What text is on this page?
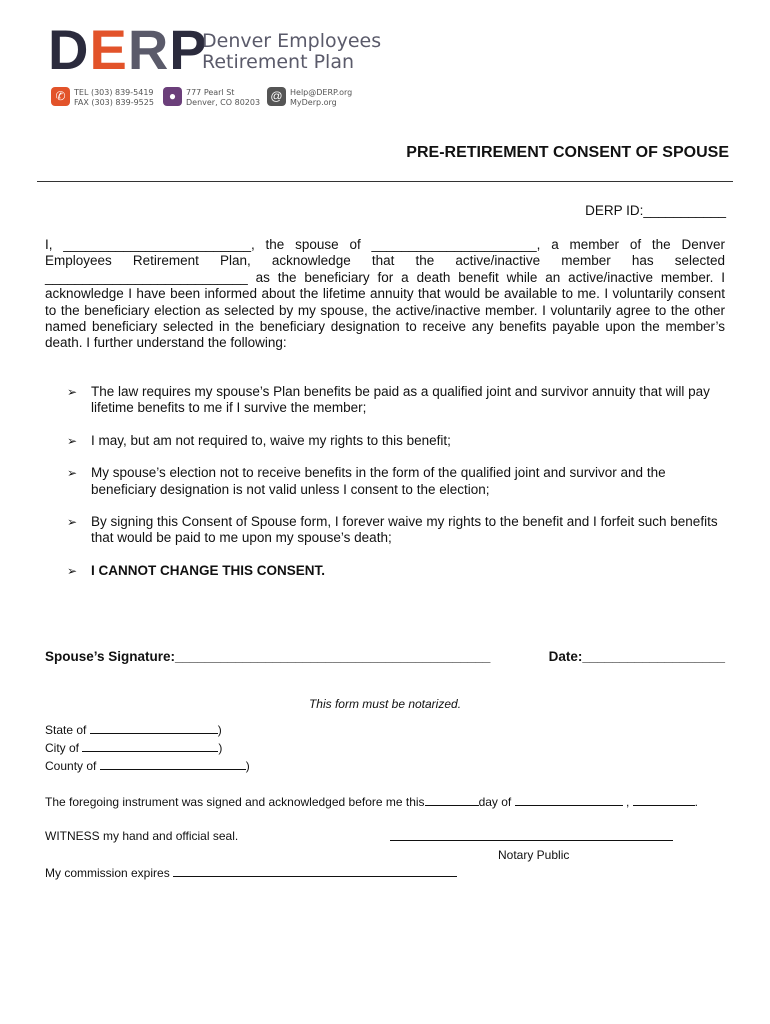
DERP
Denver Employees
Retirement Plan
✆	TEL (303) 839-5419
FAX (303) 839-9525	●	777 Pearl St
Denver, CO 80203 @ Help@DERP.org
MyDerp.org
PRE-RETIREMENT CONSENT OF SPOUSE
DERP ID:___________
I, _________________________, the spouse of ______________________, a member of the Denver Employees Retirement Plan, acknowledge that the active/inactive member has selected ___________________________ as the beneficiary for a death benefit while an active/inactive member. I acknowledge I have been informed about the lifetime annuity that would be available to me. I voluntarily consent to the beneficiary election as selected by my spouse, the active/inactive member. I voluntarily agree to the other named beneficiary selected in the beneficiary designation to receive any benefits payable upon the member’s death. I further understand the following:
➢	The law requires my spouse’s Plan benefits be paid as a qualified joint and survivor annuity that will pay lifetime benefits to me if I survive the member;
➢	I may, but am not required to, waive my rights to this benefit;
➢	My spouse’s election not to receive benefits in the form of the qualified joint and survivor and the beneficiary designation is not valid unless I consent to the election;
➢	By signing this Consent of Spouse form, I forever waive my rights to the benefit and I forfeit such benefits that would be paid to me upon my spouse’s death;
➢	I CANNOT CHANGE THIS CONSENT.
Spouse’s Signature:__________________________________________	Date:___________________
This form must be notarized.
State of	)
City of	)
County of	)
The foregoing instrument was signed and acknowledged before me this	day of	,	.
WITNESS my hand and official seal.
Notary Public
My commission expires
